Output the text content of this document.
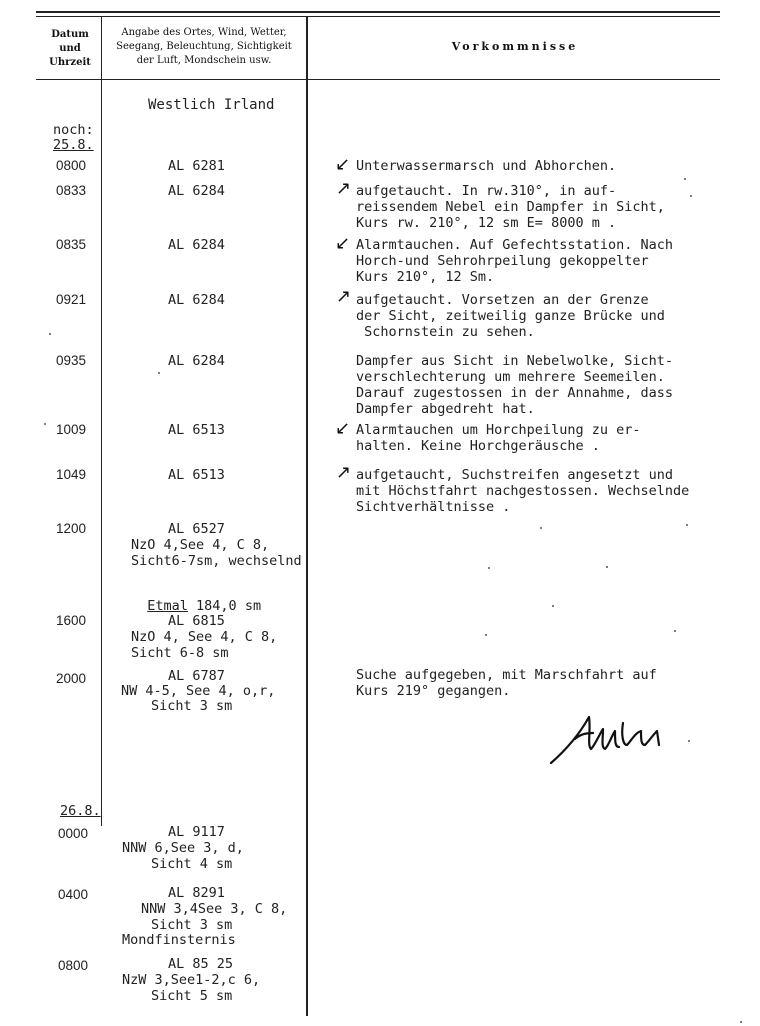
Datum
und
Uhrzeit
Angabe des Ortes, Wind, Wetter,
Seegang, Beleuchtung, Sichtigkeit
der Luft, Mondschein usw.
Vorkommnisse
Westlich Irland
noch:
25.8.
0800	AL 6281	↙ Unterwassermarsch und Abhorchen.
0833	AL 6284	↗ aufgetaucht. In rw.310°, in auf-
reissendem Nebel ein Dampfer in Sicht,
Kurs rw. 210°, 12 sm E= 8000 m .
0835	AL 6284	↙ Alarmtauchen. Auf Gefechtsstation. Nach
Horch-und Sehrohrpeilung gekoppelter
Kurs 210°, 12 Sm.
0921	AL 6284	↗ aufgetaucht. Vorsetzen an der Grenze
der Sicht, zeitweilig ganze Brücke und
Schornstein zu sehen.
0935	AL 6284	Dampfer aus Sicht in Nebelwolke, Sicht-
verschlechterung um mehrere Seemeilen.
Darauf zugestossen in der Annahme, dass
Dampfer abgedreht hat.
1009	AL 6513	↙ Alarmtauchen um Horchpeilung zu er-
halten. Keine Horchgeräusche .
1049	AL 6513	↗ aufgetaucht, Suchstreifen angesetzt und
mit Höchstfahrt nachgestossen. Wechselnde
Sichtverhältnisse .
1200	AL 6527
NzO 4,See 4, C 8,
Sicht6-7sm, wechselnd

Etmal 184,0 sm

1600	AL 6815
NzO 4, See 4, C 8,
Sicht 6-8 sm
2000	AL 6787
NW 4-5, See 4, o,r,
Sicht 3 sm
Suche aufgegeben, mit Marschfahrt auf
Kurs 219° gegangen.
26.8.
0000	AL 9117
NNW 6,See 3, d,
Sicht 4 sm
0400	AL 8291
NNW 3,4See 3, C 8,
Sicht 3 sm
Mondfinsternis
0800	AL 85 25
NzW 3,See1-2,c 6,
Sicht 5 sm
